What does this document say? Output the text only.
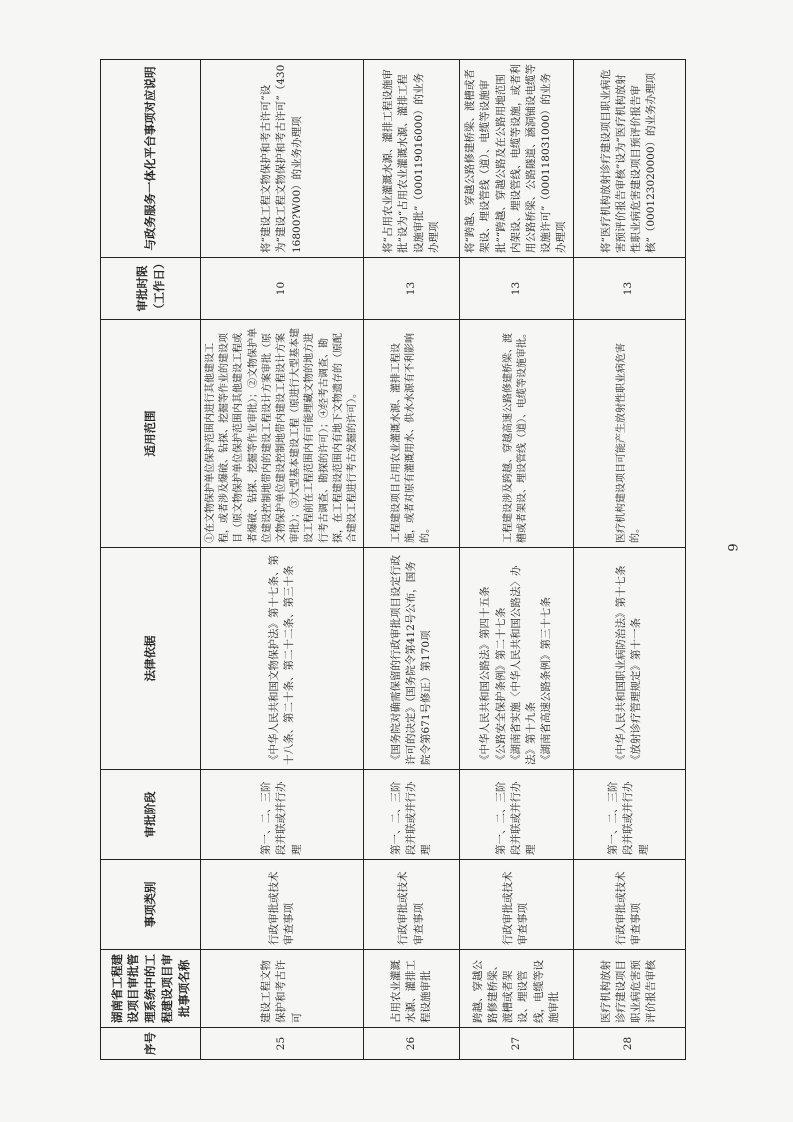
序号	湖南省工程建设项目审批管理系统中的工程建设项目审批事项名称	事项类别	审批阶段	法律依据	适用范围	审批时限（工作日）	与政务服务一体化平台事项对应说明
25	建设工程文物保护和考古许可	行政审批或技术审查事项	第一、二、三阶段并联或并行办理	《中华人民共和国文物保护法》第十七条、第十八条、第二十条、第二十二条、第三十条	①在文物保护单位保护范围内进行其他建设工程，或者涉及爆破、钻探、挖掘等作业的建设项目（原文物保护单位保护范围内其他建设工程或者爆破、钻探、挖掘等作业审批）；②文物保护单位建设控制地带内的建设工程设计方案审批（原文物保护单位建设控制地带内建设工程设计方案审批）；③大型基本建设工程（原进行大型基本建设工程前在工程范围内有可能埋藏文物的地方进行考古调查、勘探的许可）；④经考古调查、勘探，在工程建设范围内有地下文物遗存的（原配合建设工程进行考古发掘的许可）。	10	将“建设工程文物保护和考古许可”设为“建设工程文物保护和考古许可”（43016800?W00）的业务办理项
26	占用农业灌溉水源、灌排工程设施审批	行政审批或技术审查事项	第一、二、三阶段并联或并行办理	《国务院对确需保留的行政审批项目设定行政许可的决定》（国务院令第412号公布，国务院令第671号修正）第170项	工程建设项目占用农业灌溉水源、灌排工程设施，或者对原有灌溉用水、供水水源有不利影响的。	13	将“占用农业灌溉水源、灌排工程设施审批”设为“占用农业灌溉水源、灌排工程设施审批”（000119016000）的业务办理项
27	跨越、穿越公路修建桥梁、渡槽或者架设、埋设管线，电缆等设施审批	行政审批或技术审查事项	第一、二、三阶段并联或并行办理	《中华人民共和国公路法》第四十五条 《公路安全保护条例》第二十七条 《湖南省实施〈中华人民共和国公路法〉办法》第十九条 《湖南省高速公路条例》第三十七条	工程建设涉及跨越、穿越高速公路修建桥梁、渡槽或者架设、埋设管线（道）、电缆等设施审批。	13	将“跨越、穿越公路修建桥梁、渡槽或者架设、埋设管线（道）、电缆等设施审批”“跨越、穿越公路及在公路用地范围内架设、埋设管线、电缆等设施，或者利用公路桥梁、公路隧道、涵洞铺设电缆等设施许可”（000118031000）的业务办理项
28	医疗机构放射诊疗建设项目职业病危害预评价报告审核	行政审批或技术审查事项	第一、二、三阶段并联或并行办理	《中华人民共和国职业病防治法》第十七条 《放射诊疗管理规定》第十一条	医疗机构建设项目可能产生放射性职业病危害的。	13	将“医疗机构放射诊疗建设项目职业病危害预评价报告审核”设为“医疗机构放射性职业病危害建设项目预评价报告审核”（000123020000）的业务办理项
9
